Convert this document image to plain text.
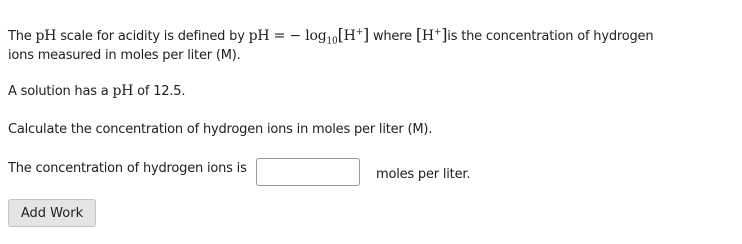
The pH scale for acidity is defined by pH = − $\log_{10}[H^+]$ where [H+]is the concentration of hydrogen
ions measured in moles per liter (M).
A solution has a pH of 12.5.
Calculate the concentration of hydrogen ions in moles per liter (M).
The concentration of hydrogen ions is	moles per liter.
Add Work
